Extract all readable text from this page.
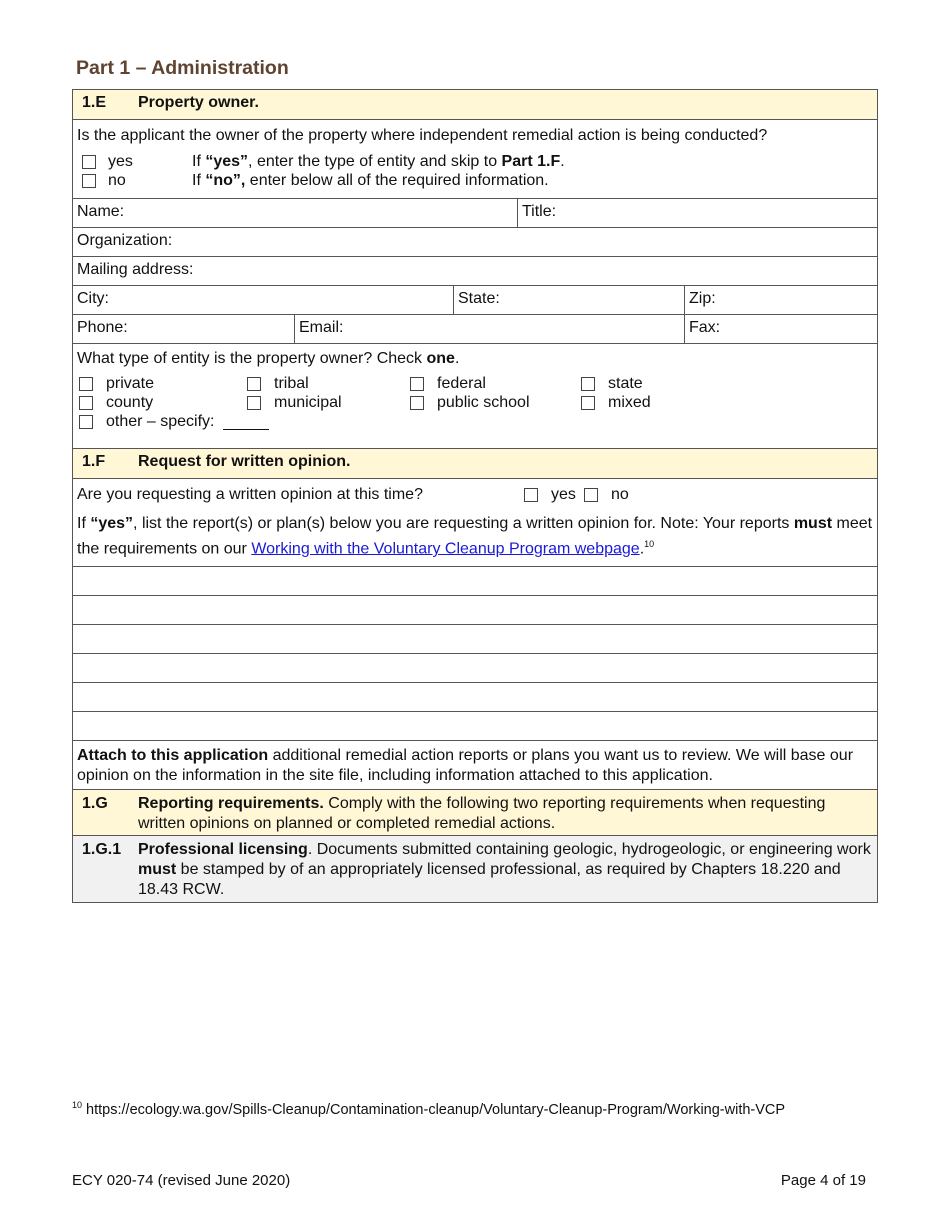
Part 1 – Administration
1.E	Property owner.
Is the applicant the owner of the property where independent remedial action is being conducted?
yes	If “yes”, enter the type of entity and skip to Part 1.F.
no	If “no”, enter below all of the required information.
Name:	Title:
Organization:
Mailing address:
City:	State:	Zip:
Phone:	Email:	Fax:
What type of entity is the property owner? Check one.
private	tribal	federal	state
county	municipal	public school	mixed
other – specify:
1.F	Request for written opinion.
Are you requesting a written opinion at this time?	yes	no
If “yes”, list the report(s) or plan(s) below you are requesting a written opinion for. Note: Your reports must meet the requirements on our Working with the Voluntary Cleanup Program webpage.$^{10}$
Attach to this application additional remedial action reports or plans you want us to review. We will base our opinion on the information in the site file, including information attached to this application.
1.G	Reporting requirements. Comply with the following two reporting requirements when requesting written opinions on planned or completed remedial actions.
1.G.1	Professional licensing. Documents submitted containing geologic, hydrogeologic, or engineering work must be stamped by of an appropriately licensed professional, as required by Chapters 18.220 and 18.43 RCW.
$^{10}$ https://ecology.wa.gov/Spills-Cleanup/Contamination-cleanup/Voluntary-Cleanup-Program/Working-with-VCP
ECY 020-74 (revised June 2020)	Page 4 of 19
